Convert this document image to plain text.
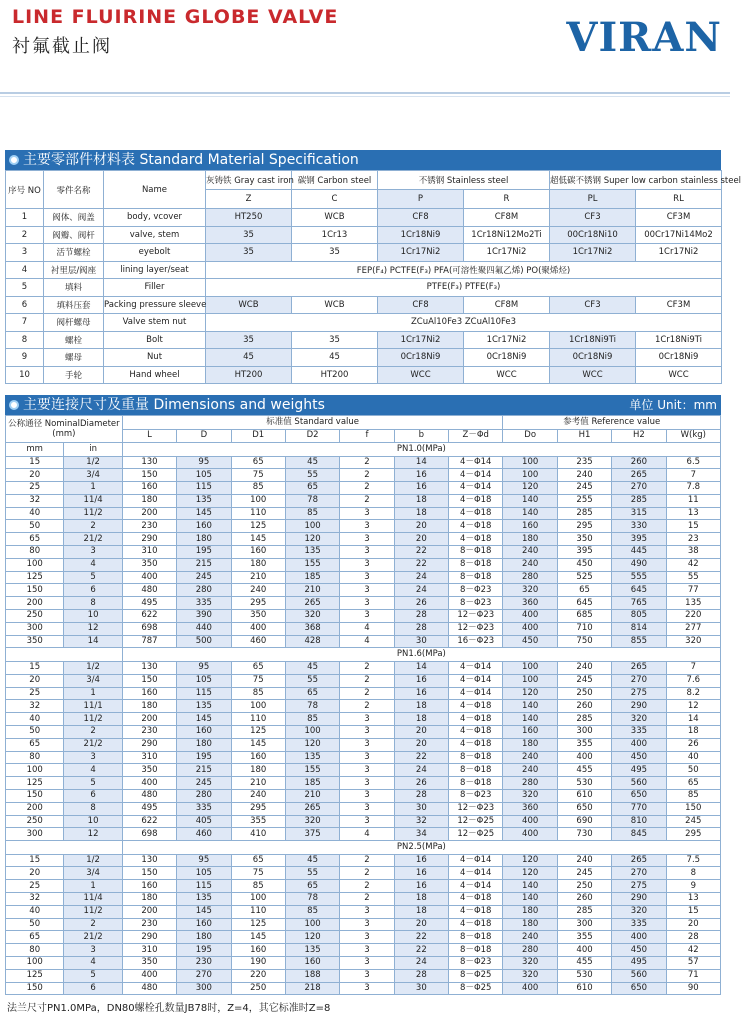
LINE FLUIRINE GLOBE VALVE
衬氟截止阀	VIRAN
主要零部件材料表 Standard Material Specification
序号 NO	零件名称	Name	灰铸铁 Gray cast iron	碳钢 Carbon steel	不锈钢 Stainless steel		超低碳不锈钢 Super low carbon stainless steel	
			Z	C	P	R	PL	RL
1	阀体、阀盖	body, vcover	HT250	WCB	CF8	CF8M	CF3	CF3M
2	阀瓣、阀杆	valve, stem	35	1Cr13	1Cr18Ni9	1Cr18Ni12Mo2Ti	00Cr18Ni10	00Cr17Ni14Mo2
3	活节螺栓	eyebolt	35	35	1Cr17Ni2	1Cr17Ni2	1Cr17Ni2	1Cr17Ni2
4	衬里层/阀座	lining layer/seat	FEP(F₄) PCTFE(F₃) PFA(可溶性聚四氟乙烯) PO(聚烯烃)					
5	填料	Filler	PTFE(F₃) PTFE(F₃)					
6	填料压套	Packing pressure sleeve	WCB	WCB	CF8	CF8M	CF3	CF3M
7	阀杆螺母	Valve stem nut	ZCuAl10Fe3 ZCuAl10Fe3					
8	螺栓	Bolt	35	35	1Cr17Ni2	1Cr17Ni2	1Cr18Ni9Ti	1Cr18Ni9Ti
9	螺母	Nut	45	45	0Cr18Ni9	0Cr18Ni9	0Cr18Ni9	0Cr18Ni9
10	手轮	Hand wheel	HT200	HT200	WCC	WCC	WCC	WCC
主要连接尺寸及重量 Dimensions and weights	单位 Unit：mm
公称通径 NominalDiameter (mm)		标准值 Standard value							参考值 Reference value			
		L	D	D1	D2	f	b	Z－Φd	Do	H1	H2	W(kg)
mm	in	PN1.0(MPa)										
15	1/2	130	95	65	45	2	14	4－Φ14	100	235	260	6.5
20	3/4	150	105	75	55	2	16	4－Φ14	100	240	265	7
25	1	160	115	85	65	2	16	4－Φ14	120	245	270	7.8
32	11/4	180	135	100	78	2	18	4－Φ18	140	255	285	11
40	11/2	200	145	110	85	3	18	4－Φ18	140	285	315	13
50	2	230	160	125	100	3	20	4－Φ18	160	295	330	15
65	21/2	290	180	145	120	3	20	4－Φ18	180	350	395	23
80	3	310	195	160	135	3	22	8－Φ18	240	395	445	38
100	4	350	215	180	155	3	22	8－Φ18	240	450	490	42
125	5	400	245	210	185	3	24	8－Φ18	280	525	555	55
150	6	480	280	240	210	3	24	8－Φ23	320	65	645	77
200	8	495	335	295	265	3	26	8－Φ23	360	645	765	135
250	10	622	390	350	320	3	28	12－Φ23	400	685	805	220
300	12	698	440	400	368	4	28	12－Φ23	400	710	814	277
350	14	787	500	460	428	4	30	16－Φ23	450	750	855	320
		PN1.6(MPa)										
15	1/2	130	95	65	45	2	14	4－Φ14	100	240	265	7
20	3/4	150	105	75	55	2	16	4－Φ14	100	245	270	7.6
25	1	160	115	85	65	2	16	4－Φ14	120	250	275	8.2
32	11/1	180	135	100	78	2	18	4－Φ18	140	260	290	12
40	11/2	200	145	110	85	3	18	4－Φ18	140	285	320	14
50	2	230	160	125	100	3	20	4－Φ18	160	300	335	18
65	21/2	290	180	145	120	3	20	4－Φ18	180	355	400	26
80	3	310	195	160	135	3	22	8－Φ18	240	400	450	40
100	4	350	215	180	155	3	24	8－Φ18	240	455	495	50
125	5	400	245	210	185	3	26	8－Φ18	280	530	560	65
150	6	480	280	240	210	3	28	8－Φ23	320	610	650	85
200	8	495	335	295	265	3	30	12－Φ23	360	650	770	150
250	10	622	405	355	320	3	32	12－Φ25	400	690	810	245
300	12	698	460	410	375	4	34	12－Φ25	400	730	845	295
		PN2.5(MPa)										
15	1/2	130	95	65	45	2	16	4－Φ14	120	240	265	7.5
20	3/4	150	105	75	55	2	16	4－Φ14	120	245	270	8
25	1	160	115	85	65	2	16	4－Φ14	140	250	275	9
32	11/4	180	135	100	78	2	18	4－Φ18	140	260	290	13
40	11/2	200	145	110	85	3	18	4－Φ18	180	285	320	15
50	2	230	160	125	100	3	20	4－Φ18	180	300	335	20
65	21/2	290	180	145	120	3	22	8－Φ18	240	355	400	28
80	3	310	195	160	135	3	22	8－Φ18	280	400	450	42
100	4	350	230	190	160	3	24	8－Φ23	320	455	495	57
125	5	400	270	220	188	3	28	8－Φ25	320	530	560	71
150	6	480	300	250	218	3	30	8－Φ25	400	610	650	90
法兰尺寸PN1.0MPa，DN80螺栓孔数量JB78时，Z=4，其它标准时Z=8
